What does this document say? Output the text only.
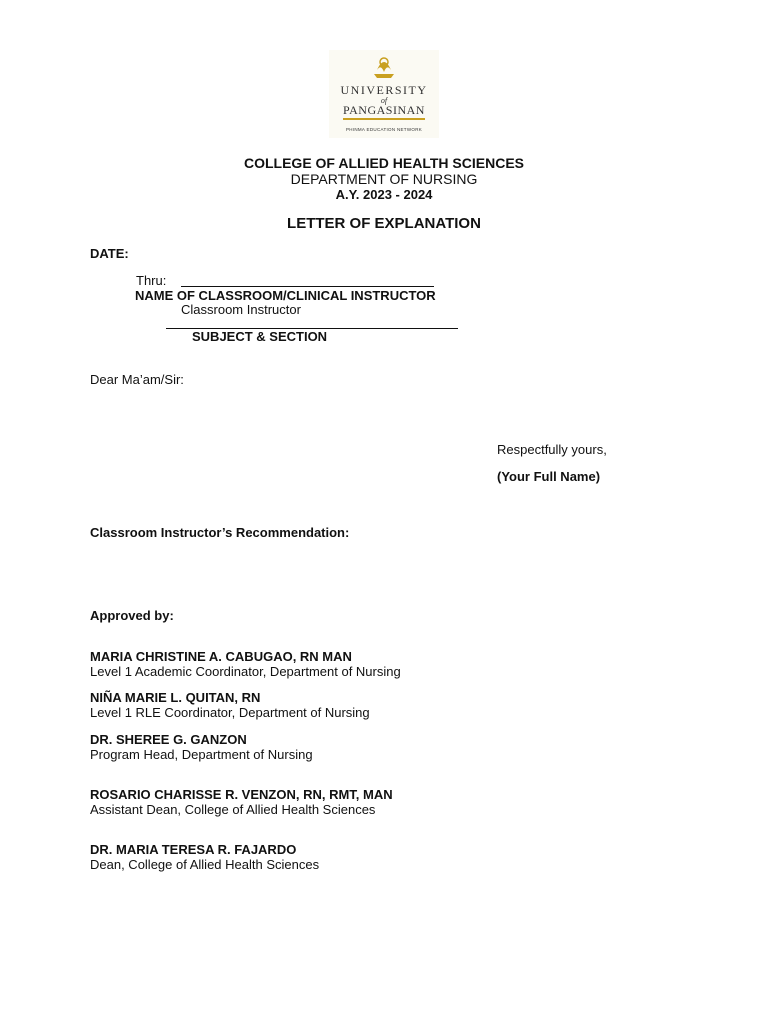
UNIVERSITY
of
PANGASINAN
PHINMA EDUCATION NETWORK
COLLEGE OF ALLIED HEALTH SCIENCES
DEPARTMENT OF NURSING
A.Y. 2023 - 2024
LETTER OF EXPLANATION
DATE:
Thru:
NAME OF CLASSROOM/CLINICAL INSTRUCTOR
Classroom Instructor
SUBJECT & SECTION
Dear Ma’am/Sir:
Respectfully yours,
(Your Full Name)
Classroom Instructor’s Recommendation:
Approved by:
MARIA CHRISTINE A. CABUGAO, RN MAN
Level 1 Academic Coordinator, Department of Nursing
NIÑA MARIE L. QUITAN, RN
Level 1 RLE Coordinator, Department of Nursing
DR. SHEREE G. GANZON
Program Head, Department of Nursing
ROSARIO CHARISSE R. VENZON, RN, RMT, MAN
Assistant Dean, College of Allied Health Sciences
DR. MARIA TERESA R. FAJARDO
Dean, College of Allied Health Sciences
